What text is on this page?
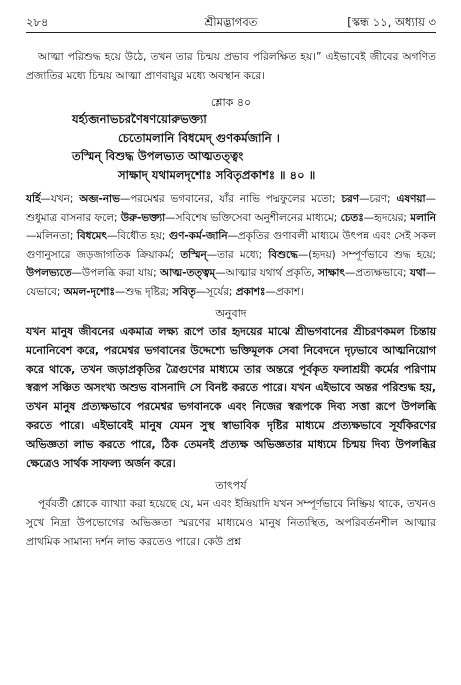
২৮৪	শ্রীমদ্ভাগবত	[স্কন্ধ ১১, অধ্যায় ৩

আত্মা পরিশুদ্ধ হয়ে উঠে, তখন তার চিন্ময় প্রভাব পরিলক্ষিত হয়।” এইভাবেই জীবের অগণিত প্রজাতির মধ্যে চিন্ময় আত্মা প্রাণবায়ুর মধ্যে অবস্থান করে।

শ্লোক ৪০
যর্হ্যব্জনাভচরণৈষণয়োরুভক্ত্যা
চেতোমলানি বিধমেদ্‌ গুণকর্মজানি ।
তস্মিন্‌ বিশুদ্ধ উপলভ্যত আত্মতত্ত্বং
সাক্ষাদ্‌ যথামলদৃশোঃ সবিতৃপ্রকাশঃ ॥ ৪০ ॥

যর্হি—যখন; অব্জ-নাভ—পরমেশ্বর ভগবানের, যাঁর নাভি পদ্মফুলের মতো; চরণ—চরণ; এষণয়া—শুধুমাত্র বাসনার ফলে; উরু-ভক্ত্যা—সবিশেষ ভক্তিসেবা অনুশীলনের মাধ্যমে; চেতঃ—হৃদয়ের; মলানি—মলিনতা; বিধমেৎ—বিধৌত হয়; গুণ-কর্ম-জানি—প্রকৃতির গুণাবলী মাধ্যমে উৎপন্ন এবং সেই সকল গুণানুসারে জড়জাগতিক ক্রিয়াকর্ম; তস্মিন্‌—তার মধ্যে; বিশুদ্ধে—(হৃদয়) সম্পূর্ণভাবে শুদ্ধ হয়ে; উপলভ্যতে—উপলব্ধি করা যায়; আত্ম-তত্ত্বম্‌—আত্মার যথার্থ প্রকৃতি, সাক্ষাৎ—প্রত্যক্ষভাবে; যথা—যেভাবে; অমল-দৃশোঃ—শুদ্ধ দৃষ্টির; সবিতৃ—সূর্যের; প্রকাশঃ—প্রকাশ।

অনুবাদ

যখন মানুষ জীবনের একমাত্র লক্ষ্য রূপে তার হৃদয়ের মাঝে শ্রীভগবানের শ্রীচরণকমল চিন্তায় মনোনিবেশ করে, পরমেশ্বর ভগবানের উদ্দেশ্যে ভক্তিমূলক সেবা নিবেদনে দৃঢ়ভাবে আত্মনিয়োগ করে থাকে, তখন জড়াপ্রকৃতির ত্রৈগুণের মাধ্যমে তার অন্তরে পূর্বকৃত ফলাশ্রয়ী কর্মের পরিণাম স্বরূপ সঞ্চিত অসংখ্য অশুভ বাসনাদি সে বিনষ্ট করতে পারে। যখন এইভাবে অন্তর পরিশুদ্ধ হয়, তখন মানুষ প্রত্যক্ষভাবে পরমেশ্বর ভগবানকে এবং নিজের স্বরূপকে দিব্য সত্তা রূপে উপলব্ধি করতে পারে। এইভাবেই মানুষ যেমন সুস্থ স্বাভাবিক দৃষ্টির মাধ্যমে প্রত্যক্ষভাবে সূর্যকিরণের অভিজ্ঞতা লাভ করতে পারে, ঠিক তেমনই প্রত্যক্ষ অভিজ্ঞতার মাধ্যমে চিন্ময় দিব্য উপলব্ধির ক্ষেত্রেও সার্থক সাফল্য অর্জন করে।

তাৎপর্য

পূর্ববর্তী শ্লোকে ব্যাখ্যা করা হয়েছে যে, মন এবং ইন্দ্রিয়াদি যখন সম্পূর্ণভাবে নিষ্ক্রিয় থাকে, তখনও সুখে নিদ্রা উপভোগের অভিজ্ঞতা স্মরণের মাধ্যমেও মানুষ নিত্যস্থিত, অপরিবর্তনশীল আত্মার প্রাথমিক সামান্য দর্শন লাভ করতেও পারে। কেউ প্রশ্ন
